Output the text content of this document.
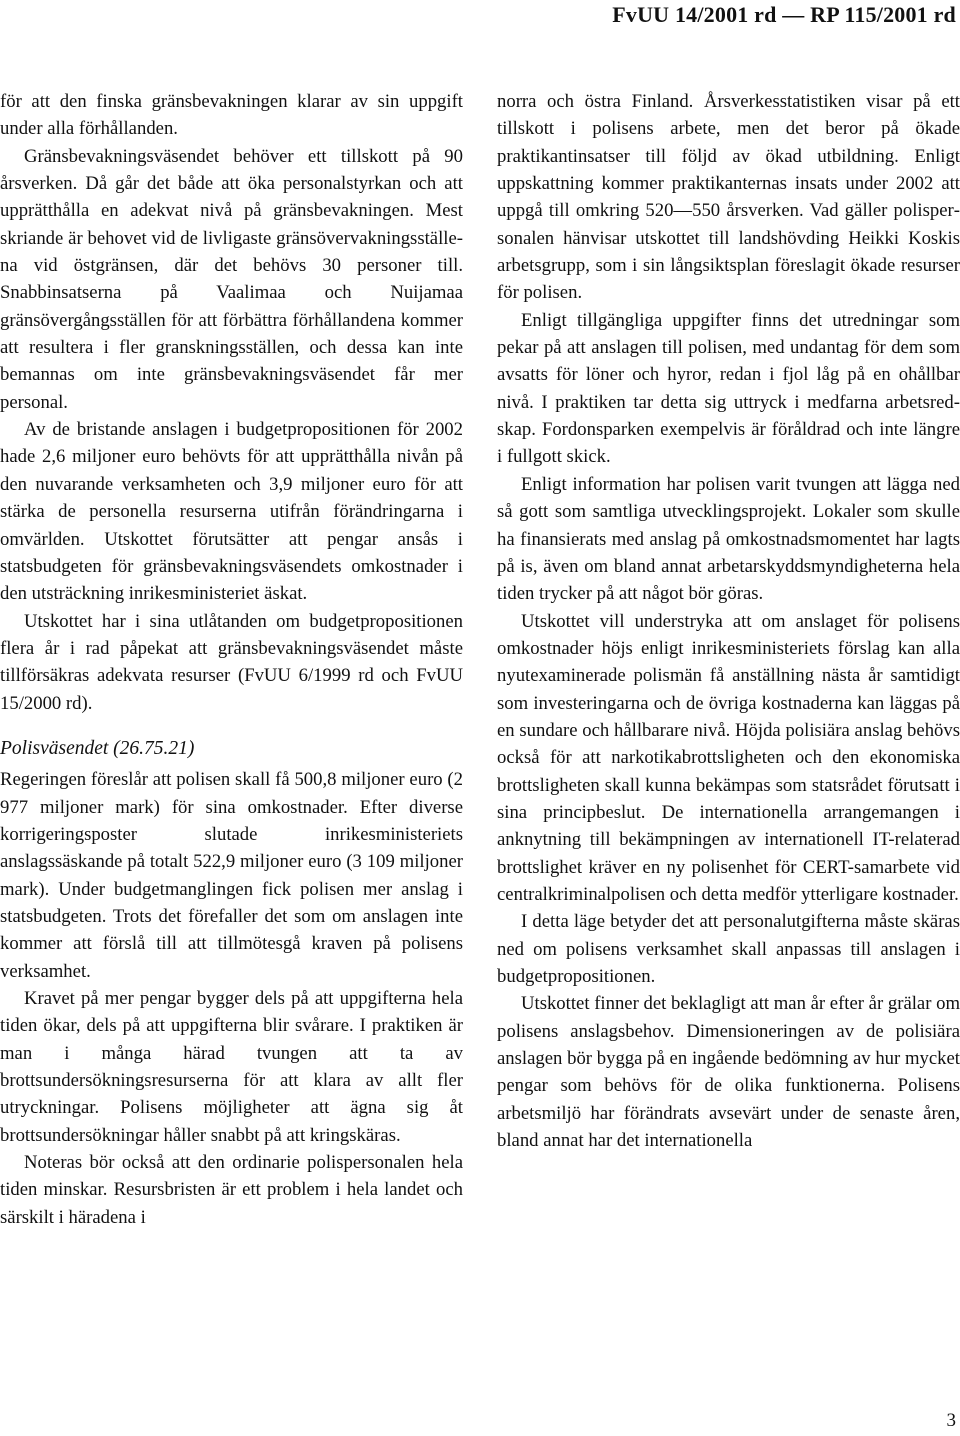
FvUU 14/2001 rd — RP 115/2001 rd

för att den finska gränsbevakningen klarar av sin uppgift under alla förhållanden.

Gränsbevakningsväsendet behöver ett tillskott på 90 årsverken. Då går det både att öka personalstyrkan och att upprätthålla en adekvat nivå på gränsbevakningen. Mest skriande är behovet vid de livligaste gränsövervakningsställena vid östgränsen, där det behövs 30 personer till. Snabbinsatserna på Vaalimaa och Nuijamaa gränsövergångsställen för att förbättra förhållandena kommer att resultera i fler granskningsställen, och dessa kan inte bemannas om inte gränsbevakningsväsendet får mer personal.

Av de bristande anslagen i budgetpropositionen för 2002 hade 2,6 miljoner euro behövts för att upprätthålla nivån på den nuvarande verksamheten och 3,9 miljoner euro för att stärka de personella resurserna utifrån förändringarna i omvärlden. Utskottet förutsätter att pengar ansås i statsbudgeten för gränsbevakningsväsendets omkostnader i den utsträckning inrikesministeriet äskat.

Utskottet har i sina utlåtanden om budgetpropositionen flera år i rad påpekat att gränsbevakningsväsendet måste tillförsäkras adekvata resurser (FvUU 6/1999 rd och FvUU 15/2000 rd).

Polisväsendet (26.75.21)

Regeringen föreslår att polisen skall få 500,8 miljoner euro (2 977 miljoner mark) för sina omkostnader. Efter diverse korrigeringsposter slutade inrikesministeriets anslagssäskande på totalt 522,9 miljoner euro (3 109 miljoner mark). Under budgetmanglingen fick polisen mer anslag i statsbudgeten. Trots det förefaller det som om anslagen inte kommer att förslå till att tillmötesgå kraven på polisens verksamhet.

Kravet på mer pengar bygger dels på att uppgifterna hela tiden ökar, dels på att uppgifterna blir svårare. I praktiken är man i många härad tvungen att ta av brottsundersökningsresurserna för att klara av allt fler utryckningar. Polisens möjligheter att ägna sig åt brottsundersökningar håller snabbt på att kringskäras.

Noteras bör också att den ordinarie polispersonalen hela tiden minskar. Resursbristen är ett problem i hela landet och särskilt i häradena i

norra och östra Finland. Årsverkesstatistiken visar på ett tillskott i polisens arbete, men det beror på ökade praktikantinsatser till följd av ökad utbildning. Enligt uppskattning kommer praktikanternas insats under 2002 att uppgå till omkring 520—550 årsverken. Vad gäller polispersonalen hänvisar utskottet till landshövding Heikki Koskis arbetsgrupp, som i sin långsiktsplan föreslagit ökade resurser för polisen.

Enligt tillgängliga uppgifter finns det utredningar som pekar på att anslagen till polisen, med undantag för dem som avsatts för löner och hyror, redan i fjol låg på en ohållbar nivå. I praktiken tar detta sig uttryck i medfarna arbetsredskap. Fordonsparken exempelvis är föråldrad och inte längre i fullgott skick.

Enligt information har polisen varit tvungen att lägga ned så gott som samtliga utvecklingsprojekt. Lokaler som skulle ha finansierats med anslag på omkostnadsmomentet har lagts på is, även om bland annat arbetarskyddsmyndigheterna hela tiden trycker på att något bör göras.

Utskottet vill understryka att om anslaget för polisens omkostnader höjs enligt inrikesministeriets förslag kan alla nyutexaminerade polismän få anställning nästa år samtidigt som investeringarna och de övriga kostnaderna kan läggas på en sundare och hållbarare nivå. Höjda polisiära anslag behövs också för att narkotikabrottsligheten och den ekonomiska brottsligheten skall kunna bekämpas som statsrådet förutsatt i sina principbeslut. De internationella arrangemangen i anknytning till bekämpningen av internationell IT-relaterad brottslighet kräver en ny polisenhet för CERT-samarbete vid centralkriminalpolisen och detta medför ytterligare kostnader.

I detta läge betyder det att personalutgifterna måste skäras ned om polisens verksamhet skall anpassas till anslagen i budgetpropositionen.

Utskottet finner det beklagligt att man år efter år grälar om polisens anslagsbehov. Dimensioneringen av de polisiära anslagen bör bygga på en ingående bedömning av hur mycket pengar som behövs för de olika funktionerna. Polisens arbetsmiljö har förändrats avsevärt under de senaste åren, bland annat har det internationella

3
